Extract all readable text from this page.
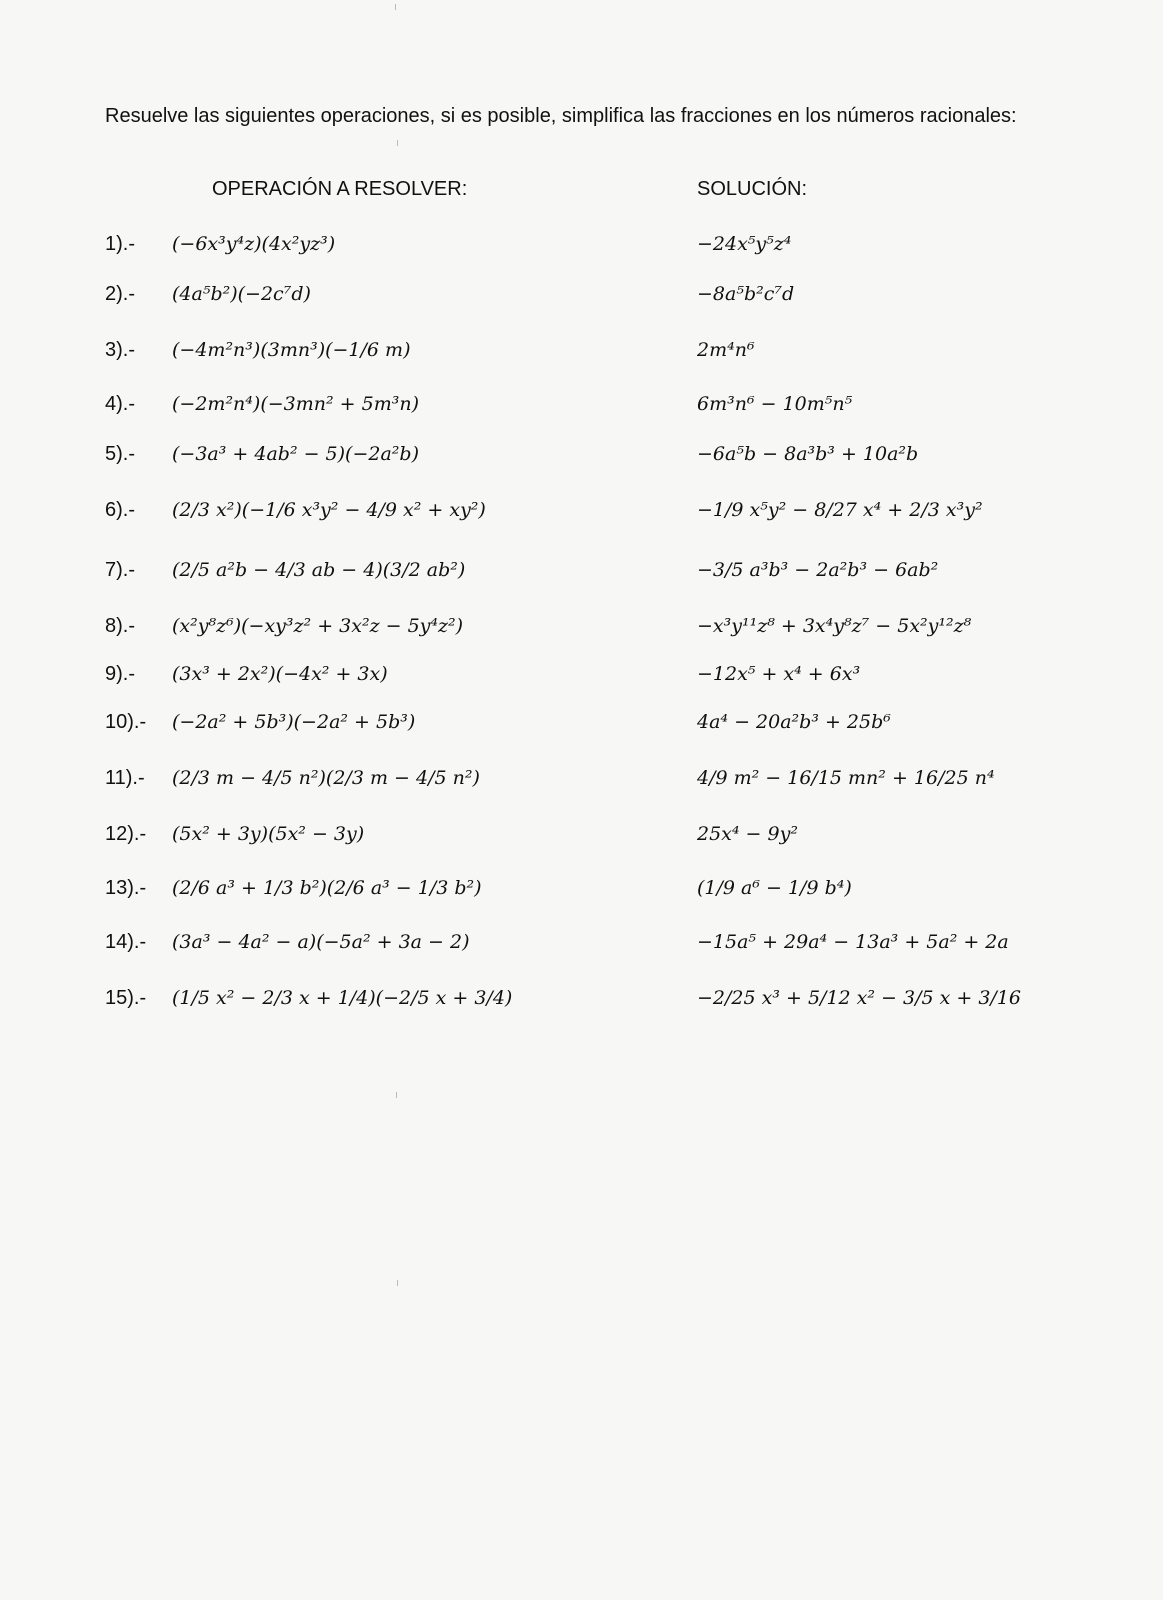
Resuelve las siguientes operaciones, si es posible, simplifica las fracciones en los números racionales:
OPERACIÓN A RESOLVER:	SOLUCIÓN:
1).- (−6x³y⁴z)(4x²yz³)	−24x⁵y⁵z⁴
2).- (4a⁵b²)(−2c⁷d)	−8a⁵b²c⁷d
3).- (−4m²n³)(3mn³)(−1/6 m)	2m⁴n⁶
4).- (−2m²n⁴)(−3mn² + 5m³n)	6m³n⁶ − 10m⁵n⁵
5).- (−3a³ + 4ab² − 5)(−2a²b)	−6a⁵b − 8a³b³ + 10a²b
6).- (2/3 x²)(−1/6 x³y² − 4/9 x² + xy²)	−1/9 x⁵y² − 8/27 x⁴ + 2/3 x³y²
7).- (2/5 a²b − 4/3 ab − 4)(3/2 ab²)	−3/5 a³b³ − 2a²b³ − 6ab²
8).- (x²y⁸z⁶)(−xy³z² + 3x²z − 5y⁴z²)	−x³y¹¹z⁸ + 3x⁴y⁸z⁷ − 5x²y¹²z⁸
9).- (3x³ + 2x²)(−4x² + 3x)	−12x⁵ + x⁴ + 6x³
10).- (−2a² + 5b³)(−2a² + 5b³)	4a⁴ − 20a²b³ + 25b⁶
11).- (2/3 m − 4/5 n²)(2/3 m − 4/5 n²)	4/9 m² − 16/15 mn² + 16/25 n⁴
12).- (5x² + 3y)(5x² − 3y)	25x⁴ − 9y²
13).- (2/6 a³ + 1/3 b²)(2/6 a³ − 1/3 b²)	(1/9 a⁶ − 1/9 b⁴)
14).- (3a³ − 4a² − a)(−5a² + 3a − 2)	−15a⁵ + 29a⁴ − 13a³ + 5a² + 2a
15).- (1/5 x² − 2/3 x + 1/4)(−2/5 x + 3/4)	−2/25 x³ + 5/12 x² − 3/5 x + 3/16
